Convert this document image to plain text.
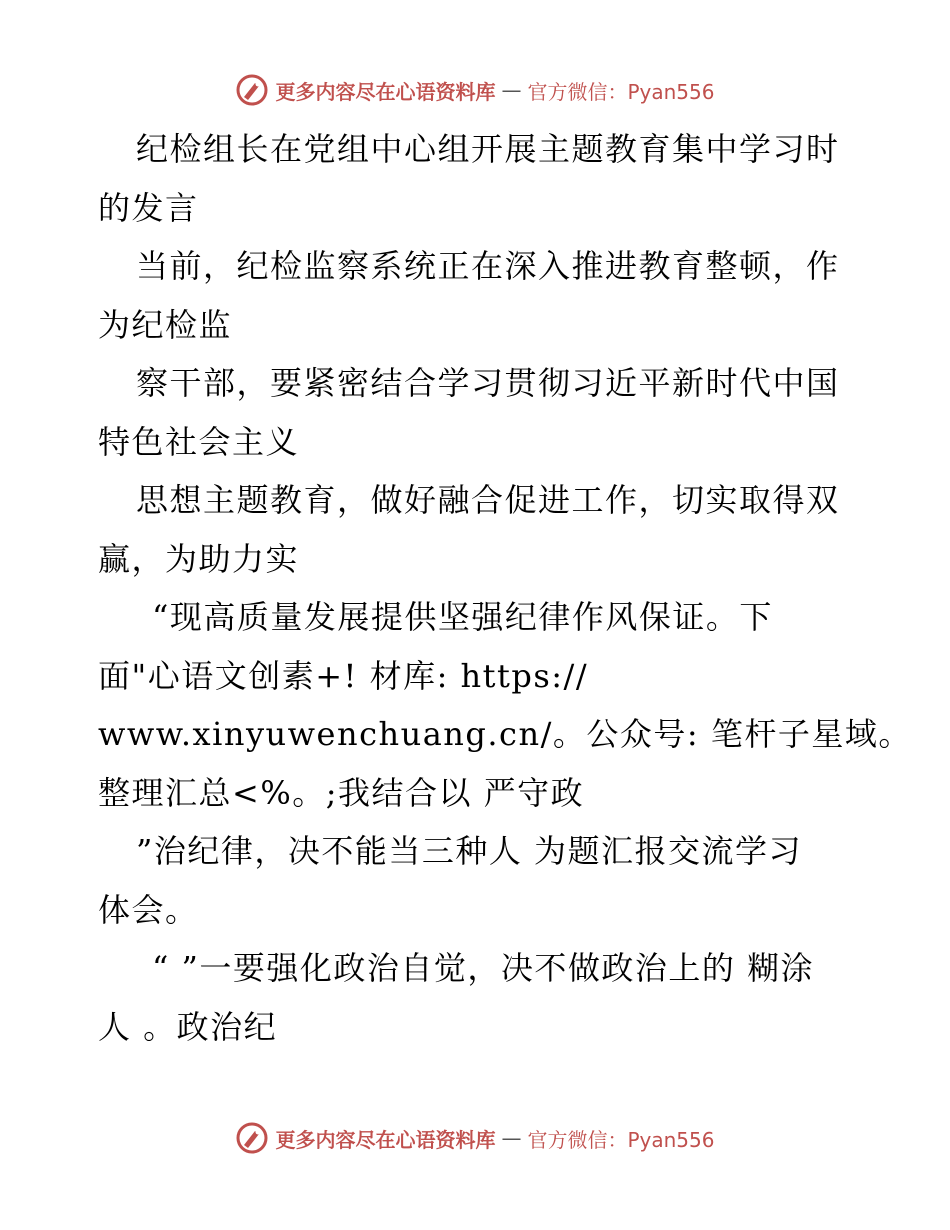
更多内容尽在心语资料库 — 官方微信：Pyan556
纪检组长在党组中心组开展主题教育集中学习时
的发言
当前，纪检监察系统正在深入推进教育整顿，作
为纪检监
察干部，要紧密结合学习贯彻习近平新时代中国
特色社会主义
思想主题教育，做好融合促进工作，切实取得双
赢，为助力实
“现高质量发展提供坚强纪律作风保证。下
面"心语文创素+! 材库: https://
www.xinyuwenchuang.cn/。公众号: 笔杆子星域。
整理汇总<%。;我结合以 严守政
”治纪律，决不能当三种人 为题汇报交流学习
体会。
“ ”一要强化政治自觉，决不做政治上的 糊涂
人 。政治纪
更多内容尽在心语资料库 — 官方微信：Pyan556
